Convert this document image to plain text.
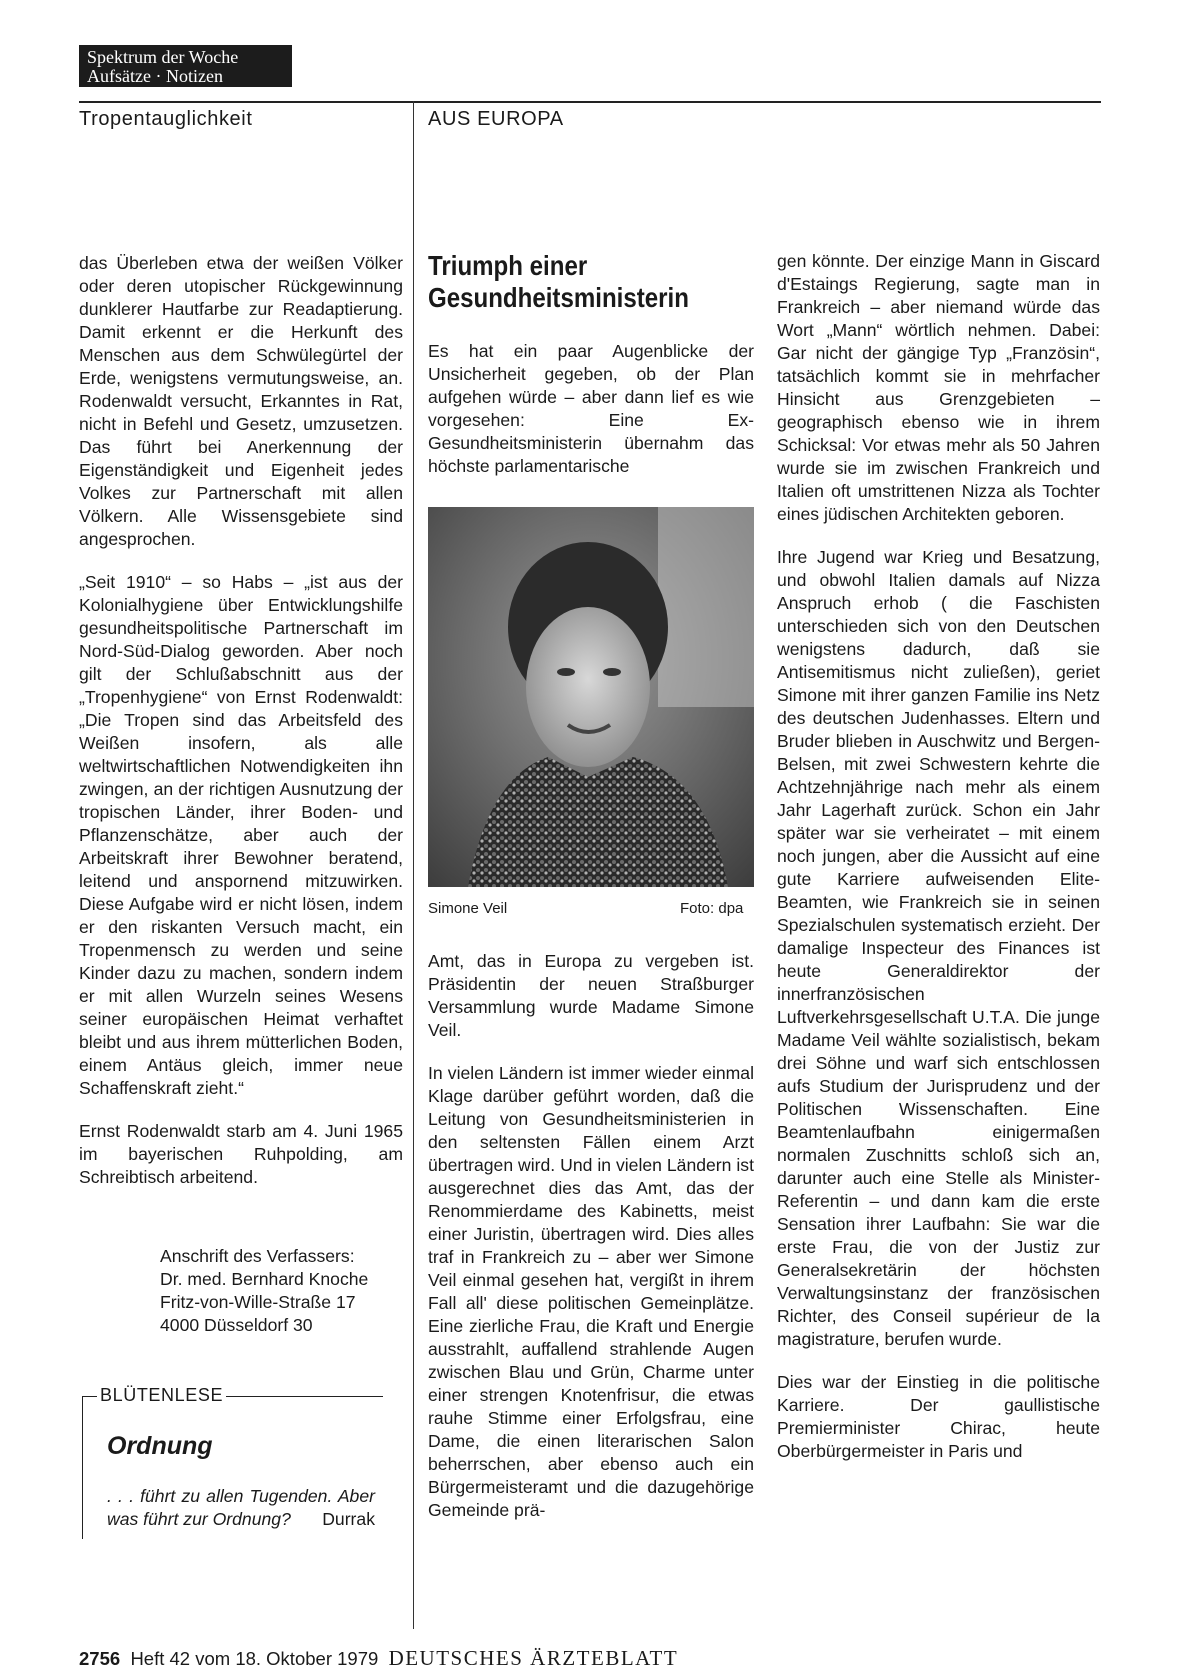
Spektrum der Woche
Aufsätze · Notizen
Tropentauglichkeit	AUS EUROPA

das Überleben etwa der weißen Völker oder deren utopischer Rückgewinnung dunklerer Hautfarbe zur Readaptierung. Damit erkennt er die Herkunft des Menschen aus dem Schwülegürtel der Erde, wenigstens vermutungsweise, an. Rodenwaldt versucht, Erkanntes in Rat, nicht in Befehl und Gesetz, umzusetzen. Das führt bei Anerkennung der Eigenständigkeit und Eigenheit jedes Volkes zur Partnerschaft mit allen Völkern. Alle Wissensgebiete sind angesprochen.

„Seit 1910“ – so Habs – „ist aus der Kolonialhygiene über Entwicklungshilfe gesundheitspolitische Partnerschaft im Nord-Süd-Dialog geworden. Aber noch gilt der Schlußabschnitt aus der „Tropenhygiene“ von Ernst Rodenwaldt: „Die Tropen sind das Arbeitsfeld des Weißen insofern, als alle weltwirtschaftlichen Notwendigkeiten ihn zwingen, an der richtigen Ausnutzung der tropischen Länder, ihrer Boden- und Pflanzenschätze, aber auch der Arbeitskraft ihrer Bewohner beratend, leitend und anspornend mitzuwirken. Diese Aufgabe wird er nicht lösen, indem er den riskanten Versuch macht, ein Tropenmensch zu werden und seine Kinder dazu zu machen, sondern indem er mit allen Wurzeln seines Wesens seiner europäischen Heimat verhaftet bleibt und aus ihrem mütterlichen Boden, einem Antäus gleich, immer neue Schaffenskraft zieht.“

Ernst Rodenwaldt starb am 4. Juni 1965 im bayerischen Ruhpolding, am Schreibtisch arbeitend.

Anschrift des Verfassers:
Dr. med. Bernhard Knoche
Fritz-von-Wille-Straße 17
4000 Düsseldorf 30
BLÜTENLESE
Ordnung
. . . führt zu allen Tugenden. Aber was führt zur Ordnung? Durrak
Triumph einer
Gesundheitsministerin

Es hat ein paar Augenblicke der Unsicherheit gegeben, ob der Plan aufgehen würde – aber dann lief es wie vorgesehen: Eine Ex-Gesundheitsministerin übernahm das höchste parlamentarische

Simone Veil	Foto: dpa

Amt, das in Europa zu vergeben ist. Präsidentin der neuen Straßburger Versammlung wurde Madame Simone Veil.

In vielen Ländern ist immer wieder einmal Klage darüber geführt worden, daß die Leitung von Gesundheitsministerien in den seltensten Fällen einem Arzt übertragen wird. Und in vielen Ländern ist ausgerechnet dies das Amt, das der Renommierdame des Kabinetts, meist einer Juristin, übertragen wird. Dies alles traf in Frankreich zu – aber wer Simone Veil einmal gesehen hat, vergißt in ihrem Fall all' diese politischen Gemeinplätze. Eine zierliche Frau, die Kraft und Energie ausstrahlt, auffallend strahlende Augen zwischen Blau und Grün, Charme unter einer strengen Knotenfrisur, die etwas rauhe Stimme einer Erfolgsfrau, eine Dame, die einen literarischen Salon beherrschen, aber ebenso auch ein Bürgermeisteramt und die dazugehörige Gemeinde prä-

gen könnte. Der einzige Mann in Giscard d'Estaings Regierung, sagte man in Frankreich – aber niemand würde das Wort „Mann“ wörtlich nehmen. Dabei: Gar nicht der gängige Typ „Französin“, tatsächlich kommt sie in mehrfacher Hinsicht aus Grenzgebieten – geographisch ebenso wie in ihrem Schicksal: Vor etwas mehr als 50 Jahren wurde sie im zwischen Frankreich und Italien oft umstrittenen Nizza als Tochter eines jüdischen Architekten geboren.

Ihre Jugend war Krieg und Besatzung, und obwohl Italien damals auf Nizza Anspruch erhob ( die Faschisten unterschieden sich von den Deutschen wenigstens dadurch, daß sie Antisemitismus nicht zuließen), geriet Simone mit ihrer ganzen Familie ins Netz des deutschen Judenhasses. Eltern und Bruder blieben in Auschwitz und Bergen-Belsen, mit zwei Schwestern kehrte die Achtzehnjährige nach mehr als einem Jahr Lagerhaft zurück. Schon ein Jahr später war sie verheiratet – mit einem noch jungen, aber die Aussicht auf eine gute Karriere aufweisenden Elite-Beamten, wie Frankreich sie in seinen Spezialschulen systematisch erzieht. Der damalige Inspecteur des Finances ist heute Generaldirektor der innerfranzösischen Luftverkehrsgesellschaft U.T.A. Die junge Madame Veil wählte sozialistisch, bekam drei Söhne und warf sich entschlossen aufs Studium der Jurisprudenz und der Politischen Wissenschaften. Eine Beamtenlaufbahn einigermaßen normalen Zuschnitts schloß sich an, darunter auch eine Stelle als Minister-Referentin – und dann kam die erste Sensation ihrer Laufbahn: Sie war die erste Frau, die von der Justiz zur Generalsekretärin der höchsten Verwaltungsinstanz der französischen Richter, des Conseil supérieur de la magistrature, berufen wurde.

Dies war der Einstieg in die politische Karriere. Der gaullistische Premierminister Chirac, heute Oberbürgermeister in Paris und

2756 Heft 42 vom 18. Oktober 1979 DEUTSCHES ÄRZTEBLATT
